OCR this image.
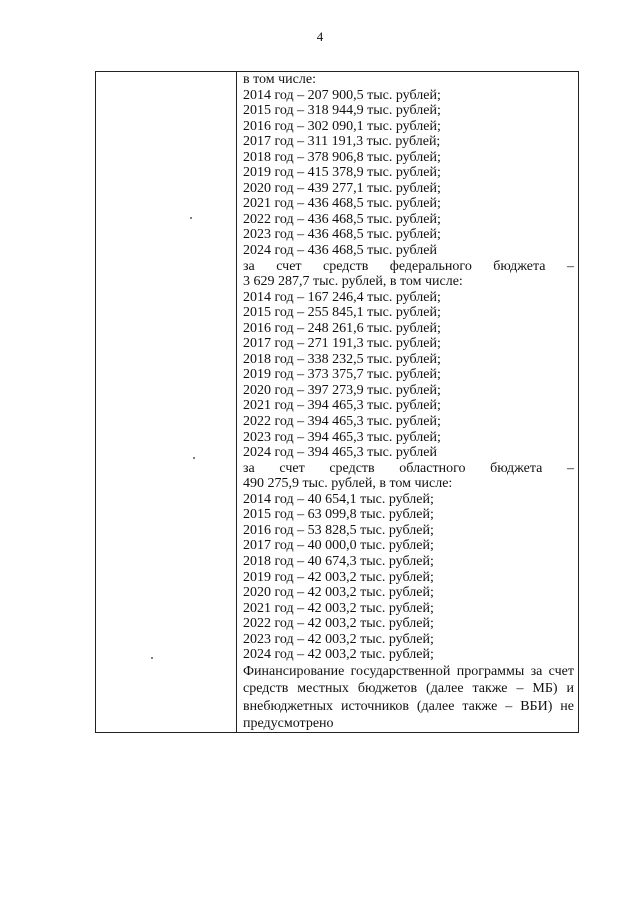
4
в том числе:
2014 год – 207 900,5 тыс. рублей;
2015 год – 318 944,9 тыс. рублей;
2016 год – 302 090,1 тыс. рублей;
2017 год – 311 191,3 тыс. рублей;
2018 год – 378 906,8 тыс. рублей;
2019 год – 415 378,9 тыс. рублей;
2020 год – 439 277,1 тыс. рублей;
2021 год – 436 468,5 тыс. рублей;
2022 год – 436 468,5 тыс. рублей;
2023 год – 436 468,5 тыс. рублей;
2024 год – 436 468,5 тыс. рублей
за счет средств федерального бюджета –
3 629 287,7 тыс. рублей, в том числе:
2014 год – 167 246,4 тыс. рублей;
2015 год – 255 845,1 тыс. рублей;
2016 год – 248 261,6 тыс. рублей;
2017 год – 271 191,3 тыс. рублей;
2018 год – 338 232,5 тыс. рублей;
2019 год – 373 375,7 тыс. рублей;
2020 год – 397 273,9 тыс. рублей;
2021 год – 394 465,3 тыс. рублей;
2022 год – 394 465,3 тыс. рублей;
2023 год – 394 465,3 тыс. рублей;
2024 год – 394 465,3 тыс. рублей
за счет средств областного бюджета –
490 275,9 тыс. рублей, в том числе:
2014 год – 40 654,1 тыс. рублей;
2015 год – 63 099,8 тыс. рублей;
2016 год – 53 828,5 тыс. рублей;
2017 год – 40 000,0 тыс. рублей;
2018 год – 40 674,3 тыс. рублей;
2019 год – 42 003,2 тыс. рублей;
2020 год – 42 003,2 тыс. рублей;
2021 год – 42 003,2 тыс. рублей;
2022 год – 42 003,2 тыс. рублей;
2023 год – 42 003,2 тыс. рублей;
2024 год – 42 003,2 тыс. рублей;
Финансирование государственной программы за счет средств местных бюджетов (далее также – МБ) и внебюджетных источников (далее также – ВБИ) не предусмотрено
